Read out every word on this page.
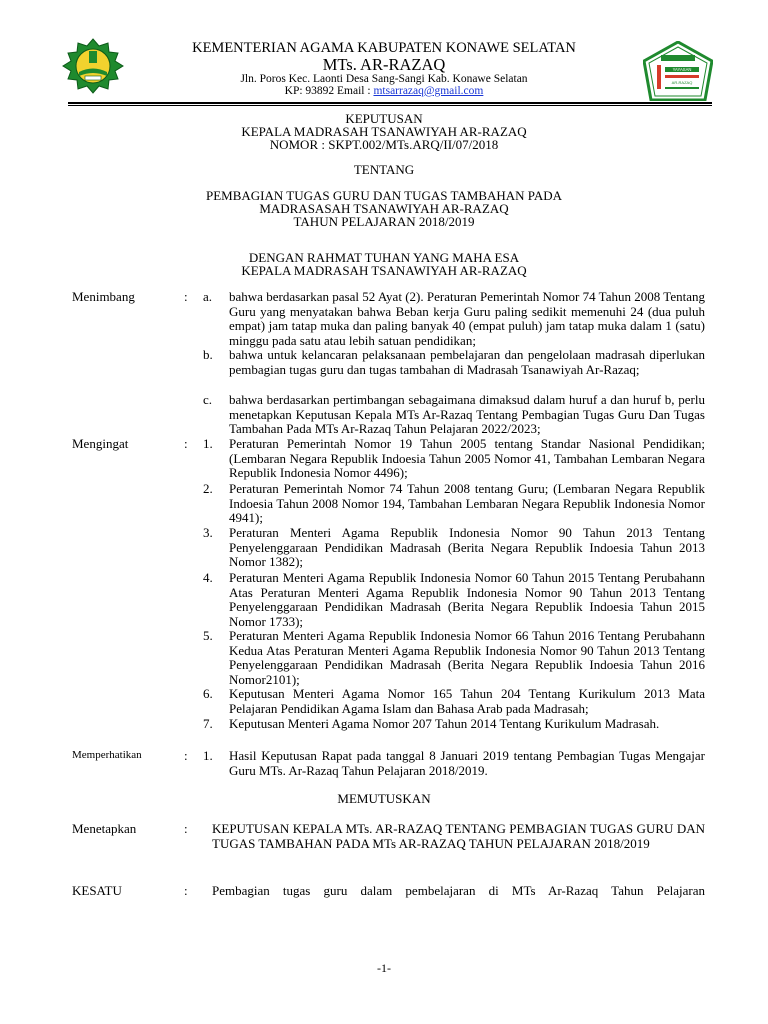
YAYASAN
AR-RAZAQ
KEMENTERIAN AGAMA KABUPATEN KONAWE SELATAN
MTs. AR-RAZAQ
Jln. Poros Kec. Laonti Desa Sang-Sangi Kab. Konawe Selatan
KP: 93892 Email : mtsarrazaq@gmail.com
KEPUTUSAN
KEPALA MADRASAH TSANAWIYAH AR-RAZAQ
NOMOR : SKPT.002/MTs.ARQ/II/07/2018
TENTANG
PEMBAGIAN TUGAS GURU DAN TUGAS TAMBAHAN PADA
MADRASASAH TSANAWIYAH AR-RAZAQ
TAHUN PELAJARAN 2018/2019
DENGAN RAHMAT TUHAN YANG MAHA ESA
KEPALA MADRASAH TSANAWIYAH AR-RAZAQ
Menimbang	: a. bahwa berdasarkan pasal 52 Ayat (2). Peraturan Pemerintah Nomor 74 Tahun 2008 Tentang Guru yang menyatakan bahwa Beban kerja Guru paling sedikit memenuhi 24 (dua puluh empat) jam tatap muka dan paling banyak 40 (empat puluh) jam tatap muka dalam 1 (satu) minggu pada satu atau lebih satuan pendidikan;
b. bahwa untuk kelancaran pelaksanaan pembelajaran dan pengelolaan madrasah diperlukan pembagian tugas guru dan tugas tambahan di Madrasah Tsanawiyah Ar-Razaq;
c. bahwa berdasarkan pertimbangan sebagaimana dimaksud dalam huruf a dan huruf b, perlu menetapkan Keputusan Kepala MTs Ar-Razaq Tentang Pembagian Tugas Guru Dan Tugas Tambahan Pada MTs Ar-Razaq Tahun Pelajaran 2022/2023;
Mengingat	: 1. Peraturan Pemerintah Nomor 19 Tahun 2005 tentang Standar Nasional Pendidikan; (Lembaran Negara Republik Indoesia Tahun 2005 Nomor 41, Tambahan Lembaran Negara Republik Indonesia Nomor 4496);
2. Peraturan Pemerintah Nomor 74 Tahun 2008 tentang Guru; (Lembaran Negara Republik Indoesia Tahun 2008 Nomor 194, Tambahan Lembaran Negara Republik Indonesia Nomor 4941);
3. Peraturan Menteri Agama Republik Indonesia Nomor 90 Tahun 2013 Tentang Penyelenggaraan Pendidikan Madrasah (Berita Negara Republik Indoesia Tahun 2013 Nomor 1382);
4. Peraturan Menteri Agama Republik Indonesia Nomor 60 Tahun 2015 Tentang Perubahann Atas Peraturan Menteri Agama Republik Indonesia Nomor 90 Tahun 2013 Tentang Penyelenggaraan Pendidikan Madrasah (Berita Negara Republik Indoesia Tahun 2015 Nomor 1733);
5. Peraturan Menteri Agama Republik Indonesia Nomor 66 Tahun 2016 Tentang Perubahann Kedua Atas Peraturan Menteri Agama Republik Indonesia Nomor 90 Tahun 2013 Tentang Penyelenggaraan Pendidikan Madrasah (Berita Negara Republik Indoesia Tahun 2016 Nomor2101);
6. Keputusan Menteri Agama Nomor 165 Tahun 204 Tentang Kurikulum 2013 Mata Pelajaran Pendidikan Agama Islam dan Bahasa Arab pada Madrasah;
7. Keputusan Menteri Agama Nomor 207 Tahun 2014 Tentang Kurikulum Madrasah.
Memperhatikan	: 1. Hasil Keputusan Rapat pada tanggal 8 Januari 2019 tentang Pembagian Tugas Mengajar Guru MTs. Ar-Razaq Tahun Pelajaran 2018/2019.
MEMUTUSKAN
Menetapkan	: KEPUTUSAN KEPALA MTs. AR-RAZAQ TENTANG PEMBAGIAN TUGAS GURU DAN TUGAS TAMBAHAN PADA MTs AR-RAZAQ TAHUN PELAJARAN 2018/2019
KESATU	: Pembagian tugas guru dalam pembelajaran di MTs Ar-Razaq Tahun Pelajaran
-1-
